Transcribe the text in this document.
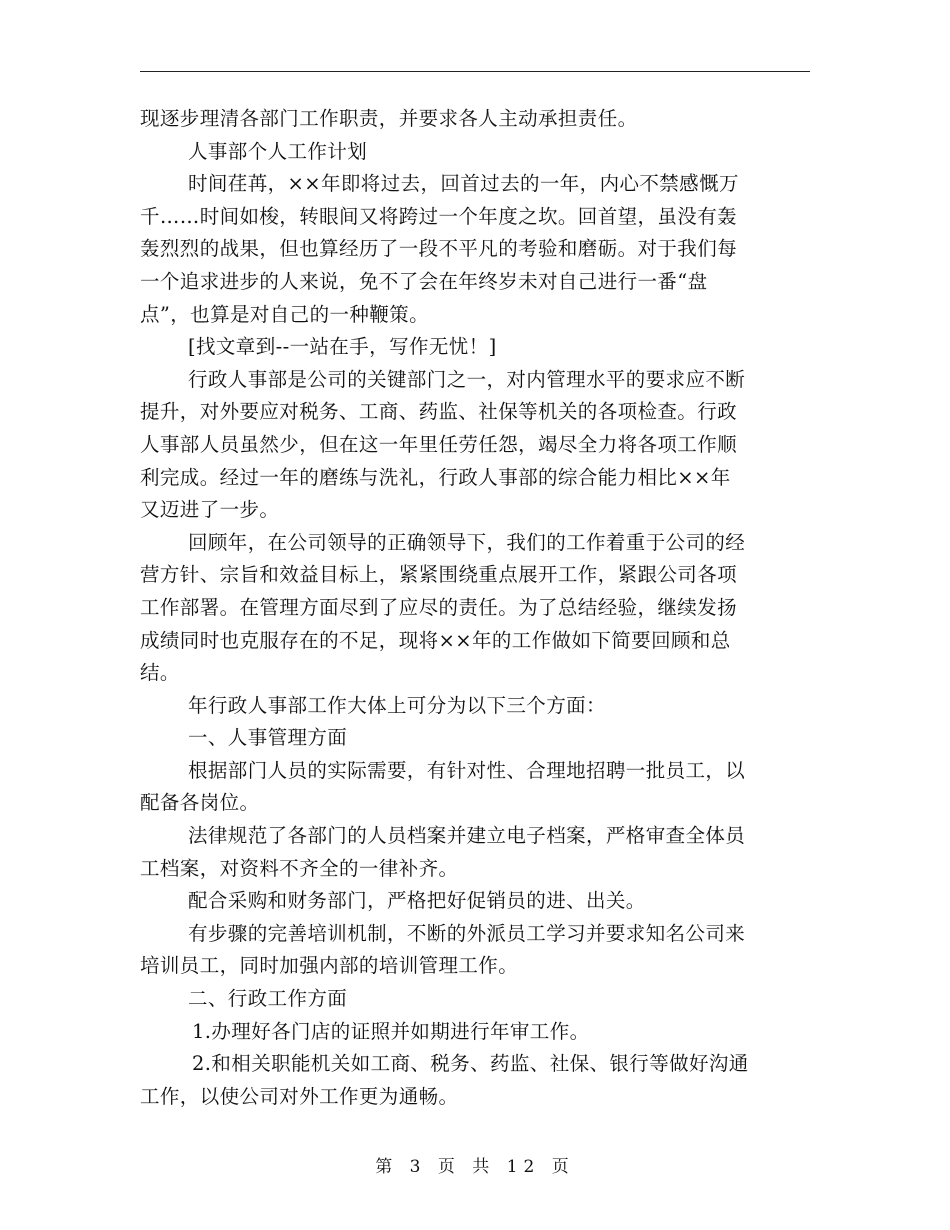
现逐步理清各部门工作职责，并要求各人主动承担责任。
人事部个人工作计划
时间荏苒，××年即将过去，回首过去的一年，内心不禁感慨万
千……时间如梭，转眼间又将跨过一个年度之坎。回首望，虽没有轰
轰烈烈的战果，但也算经历了一段不平凡的考验和磨砺。对于我们每
一个追求进步的人来说，免不了会在年终岁未对自己进行一番“盘
点”，也算是对自己的一种鞭策。
[找文章到--一站在手，写作无忧！]
行政人事部是公司的关键部门之一，对内管理水平的要求应不断
提升，对外要应对税务、工商、药监、社保等机关的各项检查。行政
人事部人员虽然少，但在这一年里任劳任怨，竭尽全力将各项工作顺
利完成。经过一年的磨练与洗礼，行政人事部的综合能力相比××年
又迈进了一步。
回顾年，在公司领导的正确领导下，我们的工作着重于公司的经
营方针、宗旨和效益目标上，紧紧围绕重点展开工作，紧跟公司各项
工作部署。在管理方面尽到了应尽的责任。为了总结经验，继续发扬
成绩同时也克服存在的不足，现将××年的工作做如下简要回顾和总
结。
年行政人事部工作大体上可分为以下三个方面：
一、人事管理方面
根据部门人员的实际需要，有针对性、合理地招聘一批员工，以
配备各岗位。
法律规范了各部门的人员档案并建立电子档案，严格审查全体员
工档案，对资料不齐全的一律补齐。
配合采购和财务部门，严格把好促销员的进、出关。
有步骤的完善培训机制，不断的外派员工学习并要求知名公司来
培训员工，同时加强内部的培训管理工作。
二、行政工作方面
1.办理好各门店的证照并如期进行年审工作。
2.和相关职能机关如工商、税务、药监、社保、银行等做好沟通
工作，以使公司对外工作更为通畅。
第 3 页 共 12 页
